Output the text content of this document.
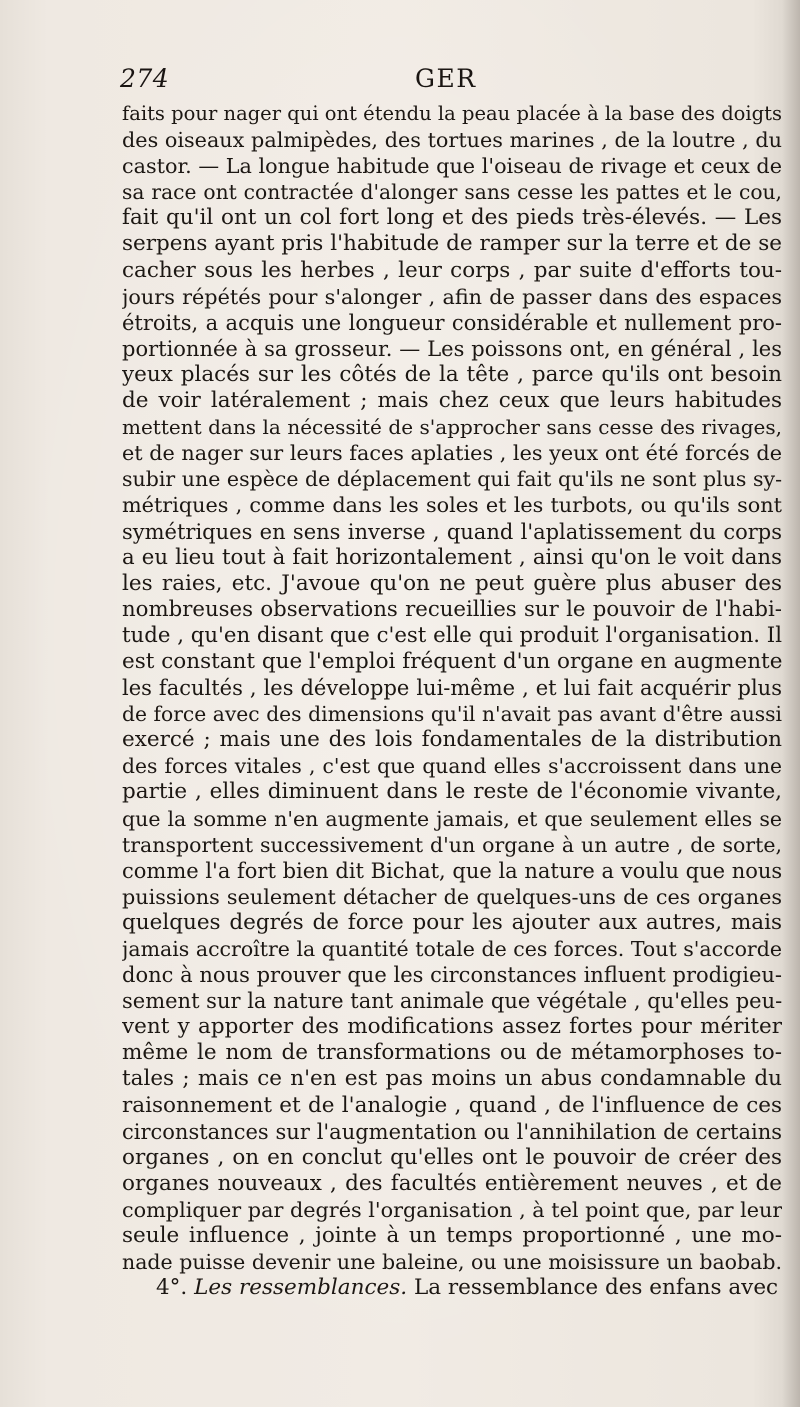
274	GER
faits pour nager qui ont étendu la peau placée à la base des doigts
des oiseaux palmipèdes, des tortues marines , de la loutre , du
castor. — La longue habitude que l'oiseau de rivage et ceux de
sa race ont contractée d'alonger sans cesse les pattes et le cou,
fait qu'il ont un col fort long et des pieds très-élevés. — Les
serpens ayant pris l'habitude de ramper sur la terre et de se
cacher sous les herbes , leur corps , par suite d'efforts tou-
jours répétés pour s'alonger , afin de passer dans des espaces
étroits, a acquis une longueur considérable et nullement pro-
portionnée à sa grosseur. — Les poissons ont, en général , les
yeux placés sur les côtés de la tête , parce qu'ils ont besoin
de voir latéralement ; mais chez ceux que leurs habitudes
mettent dans la nécessité de s'approcher sans cesse des rivages,
et de nager sur leurs faces aplaties , les yeux ont été forcés de
subir une espèce de déplacement qui fait qu'ils ne sont plus sy-
métriques , comme dans les soles et les turbots, ou qu'ils sont
symétriques en sens inverse , quand l'aplatissement du corps
a eu lieu tout à fait horizontalement , ainsi qu'on le voit dans
les raies, etc. J'avoue qu'on ne peut guère plus abuser des
nombreuses observations recueillies sur le pouvoir de l'habi-
tude , qu'en disant que c'est elle qui produit l'organisation. Il
est constant que l'emploi fréquent d'un organe en augmente
les facultés , les développe lui-même , et lui fait acquérir plus
de force avec des dimensions qu'il n'avait pas avant d'être aussi
exercé ; mais une des lois fondamentales de la distribution
des forces vitales , c'est que quand elles s'accroissent dans une
partie , elles diminuent dans le reste de l'économie vivante,
que la somme n'en augmente jamais, et que seulement elles se
transportent successivement d'un organe à un autre , de sorte,
comme l'a fort bien dit Bichat, que la nature a voulu que nous
puissions seulement détacher de quelques-uns de ces organes
quelques degrés de force pour les ajouter aux autres, mais
jamais accroître la quantité totale de ces forces. Tout s'accorde
donc à nous prouver que les circonstances influent prodigieu-
sement sur la nature tant animale que végétale , qu'elles peu-
vent y apporter des modifications assez fortes pour mériter
même le nom de transformations ou de métamorphoses to-
tales ; mais ce n'en est pas moins un abus condamnable du
raisonnement et de l'analogie , quand , de l'influence de ces
circonstances sur l'augmentation ou l'annihilation de certains
organes , on en conclut qu'elles ont le pouvoir de créer des
organes nouveaux , des facultés entièrement neuves , et de
compliquer par degrés l'organisation , à tel point que, par leur
seule influence , jointe à un temps proportionné , une mo-
nade puisse devenir une baleine, ou une moisissure un baobab.
4°. Les ressemblances. La ressemblance des enfans avec
